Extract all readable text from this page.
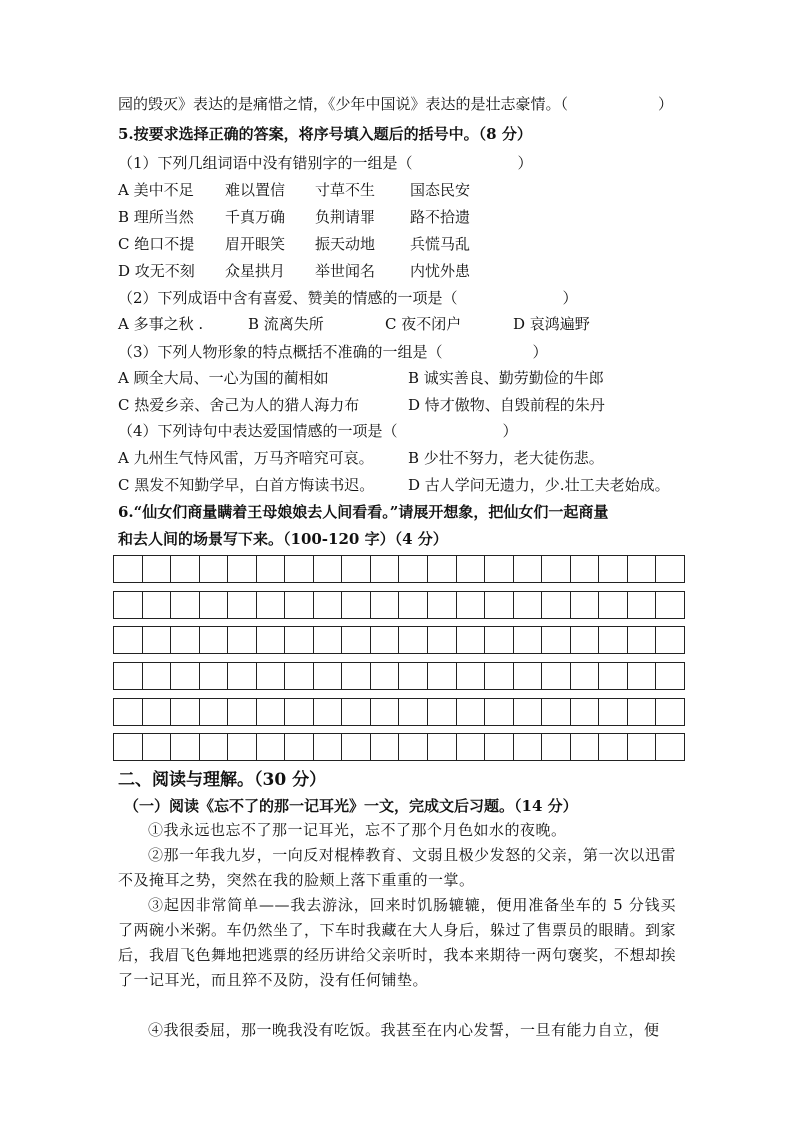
园的毁灭》表达的是痛惜之情，《少年中国说》表达的是壮志豪情。（　　　　　　）
5.按要求选择正确的答案，将序号填入题后的括号中。（8 分）
（1）下列几组词语中没有错别字的一组是（　　　　　　　）
A 美中不足 难以置信 寸草不生 国态民安
B 理所当然 千真万确 负荆请罪 路不拾遗
C 绝口不提 眉开眼笑 振天动地 兵慌马乱
D 攻无不刻 众星拱月 举世闻名 内忧外患
（2）下列成语中含有喜爱、赞美的情感的一项是（　　　　　　　）
A 多事之秋 .	B 流离失所	C 夜不闭户	D 哀鸿遍野
（3）下列人物形象的特点概括不准确的一组是（　　　　　　）
A 顾全大局、一心为国的蔺相如	B 诚实善良、勤劳勤俭的牛郎
C 热爱乡亲、舍己为人的猎人海力布	D 恃才傲物、自毁前程的朱丹
（4）下列诗句中表达爱国情感的一项是（　　　　　　　）
A 九州生气恃风雷，万马齐喑究可哀。 B 少壮不努力，老大徒伤悲。
C 黑发不知勤学早，白首方悔读书迟。 D 古人学问无遗力，少.壮工夫老始成。
6.“仙女们商量瞒着王母娘娘去人间看看。”请展开想象，把仙女们一起商量
和去人间的场景写下来。（100-120 字）（4 分）
二、阅读与理解。（30 分）
（一）阅读《忘不了的那一记耳光》一文，完成文后习题。（14 分）
①我永远也忘不了那一记耳光，忘不了那个月色如水的夜晚。
②那一年我九岁，一向反对棍棒教育、文弱且极少发怒的父亲，第一次以迅雷不及掩耳之势，突然在我的脸颊上落下重重的一掌。
③起因非常简单——我去游泳，回来时饥肠辘辘，便用准备坐车的 5 分钱买了两碗小米粥。车仍然坐了，下车时我藏在大人身后，躲过了售票员的眼睛。到家后，我眉飞色舞地把逃票的经历讲给父亲听时，我本来期待一两句褒奖，不想却挨了一记耳光，而且猝不及防，没有任何铺垫。
④我很委屈，那一晚我没有吃饭。我甚至在内心发誓，一旦有能力自立，便
